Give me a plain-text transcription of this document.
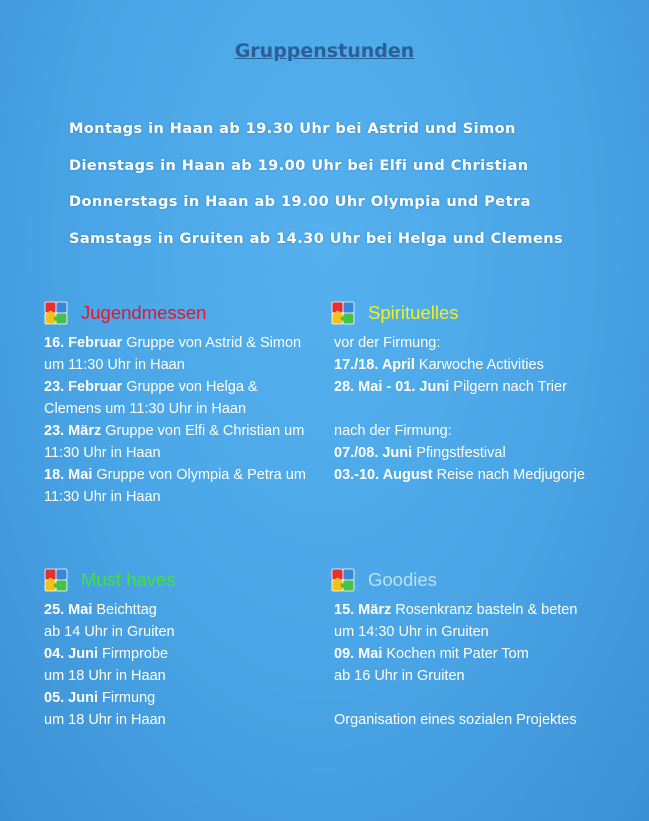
Gruppenstunden
Montags in Haan ab 19.30 Uhr bei Astrid und Simon
Dienstags in Haan ab 19.00 Uhr bei Elfi und Christian
Donnerstags in Haan ab 19.00 Uhr Olympia und Petra
Samstags in Gruiten ab 14.30 Uhr bei Helga und Clemens
Jugendmessen
16. Februar Gruppe von Astrid & Simon um 11:30 Uhr in Haan
23. Februar Gruppe von Helga & Clemens um 11:30 Uhr in Haan
23. März Gruppe von Elfi & Christian um 11:30 Uhr in Haan
18. Mai Gruppe von Olympia & Petra um 11:30 Uhr in Haan
Spirituelles
vor der Firmung:
17./18. April Karwoche Activities
28. Mai - 01. Juni Pilgern nach Trier
nach der Firmung:
07./08. Juni Pfingstfestival
03.-10. August Reise nach Medjugorje
Must haves
25. Mai Beichttag
ab 14 Uhr in Gruiten
04. Juni Firmprobe
um 18 Uhr in Haan
05. Juni Firmung
um 18 Uhr in Haan
Goodies
15. März Rosenkranz basteln & beten
um 14:30 Uhr in Gruiten
09. Mai Kochen mit Pater Tom
ab 16 Uhr in Gruiten
Organisation eines sozialen Projektes
